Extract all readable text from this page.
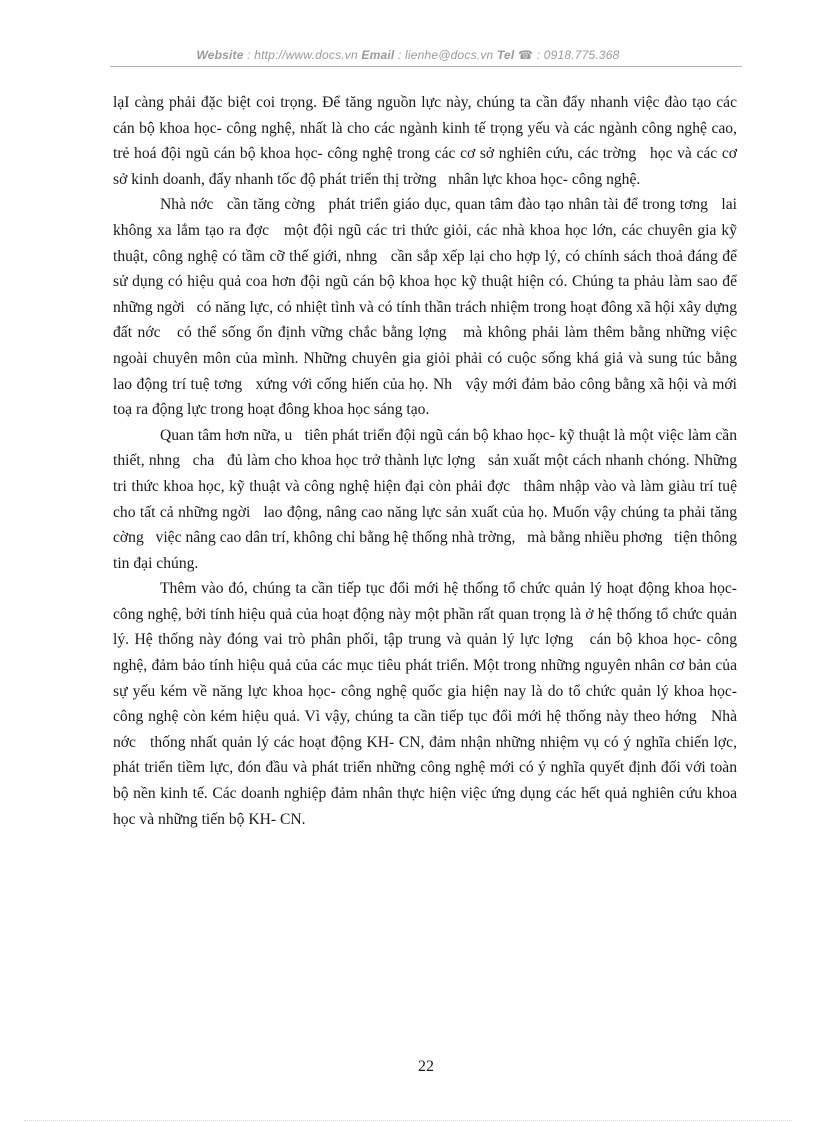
Website : http://www.docs.vn Email : lienhe@docs.vn Tel ☎ : 0918.775.368

lạI càng phải đặc biệt coi trọng. Để tăng nguồn lực này, chúng ta cần đẩy nhanh việc đào tạo các cán bộ khoa học- công nghệ, nhất là cho các ngành kinh tế trọng yếu và các ngành công nghệ cao, trẻ hoá đội ngũ cán bộ khoa học- công nghệ trong các cơ sở nghiên cứu, các trờng   học và các cơ sở kinh doanh, đẩy nhanh tốc độ phát triển thị trờng   nhân lực khoa học- công nghệ.

Nhà nớc   cần tăng cờng   phát triển giáo dục, quan tâm đào tạo nhân tài để trong tơng   lai không xa lắm tạo ra đợc   một đội ngũ các tri thức giỏi, các nhà khoa học lớn, các chuyên gia kỹ thuật, công nghệ có tầm cỡ thế giới, nhng   cần sắp xếp lại cho hợp lý, có chính sách thoả đáng để sử dụng có hiệu quả coa hơn đội ngũ cán bộ khoa học kỹ thuật hiện có. Chúng ta phảu làm sao để những ngời   có năng lực, có nhiệt tình và có tính thần trách nhiệm trong hoạt đông xã hội xây dựng đất nớc   có thể sống ổn định vững chắc bằng lợng   mà không phải làm thêm bằng những việc ngoài chuyên môn của mình. Những chuyên gia giỏi phải có cuộc sống khá giả và sung túc bằng lao động trí tuệ tơng   xứng với cống hiến của họ. Nh   vậy mới đảm bảo công bằng xã hội và mới toạ ra động lực trong hoạt đông khoa học sáng tạo.

Quan tâm hơn nữa, u   tiên phát triển đội ngũ cán bộ khao học- kỹ thuật là một việc làm cần thiết, nhng   cha   đủ làm cho khoa học trở thành lực lợng   sản xuất một cách nhanh chóng. Những tri thức khoa học, kỹ thuật và công nghệ hiện đại còn phải đợc   thâm nhập vào và làm giàu trí tuệ cho tất cả những ngời   lao động, nâng cao năng lực sản xuất của họ. Muốn vậy chúng ta phải tăng cờng   việc nâng cao dân trí, không chỉ bằng hệ thống nhà trờng,   mà bằng nhiều phơng   tiện thông tin đại chúng.

Thêm vào đó, chúng ta cần tiếp tục đổi mới hệ thống tổ chức quản lý hoạt động khoa học- công nghệ, bởi tính hiệu quả của hoạt động này một phần rất quan trọng là ở hệ thống tổ chức quản lý. Hệ thống này đóng vai trò phân phối, tập trung và quản lý lực lợng   cán bộ khoa học- công nghệ, đảm bảo tính hiệu quả của các mục tiêu phát triển. Một trong những nguyên nhân cơ bản của sự yếu kém về năng lực khoa học- công nghệ quốc gia hiện nay là do tổ chức quản lý khoa học- công nghệ còn kém hiệu quả. Vì vậy, chúng ta cần tiếp tục đổi mới hệ thống này theo hớng   Nhà nớc   thống nhất quản lý các hoạt động KH- CN, đảm nhận những nhiệm vụ có ý nghĩa chiến lợc,   phát triển tiềm lực, đón đầu và phát triển những công nghệ mới có ý nghĩa quyết định đối với toàn bộ nền kinh tế. Các doanh nghiệp đảm nhân thực hiện việc ứng dụng các hết quả nghiên cứu khoa học và những tiến bộ KH- CN.

22
